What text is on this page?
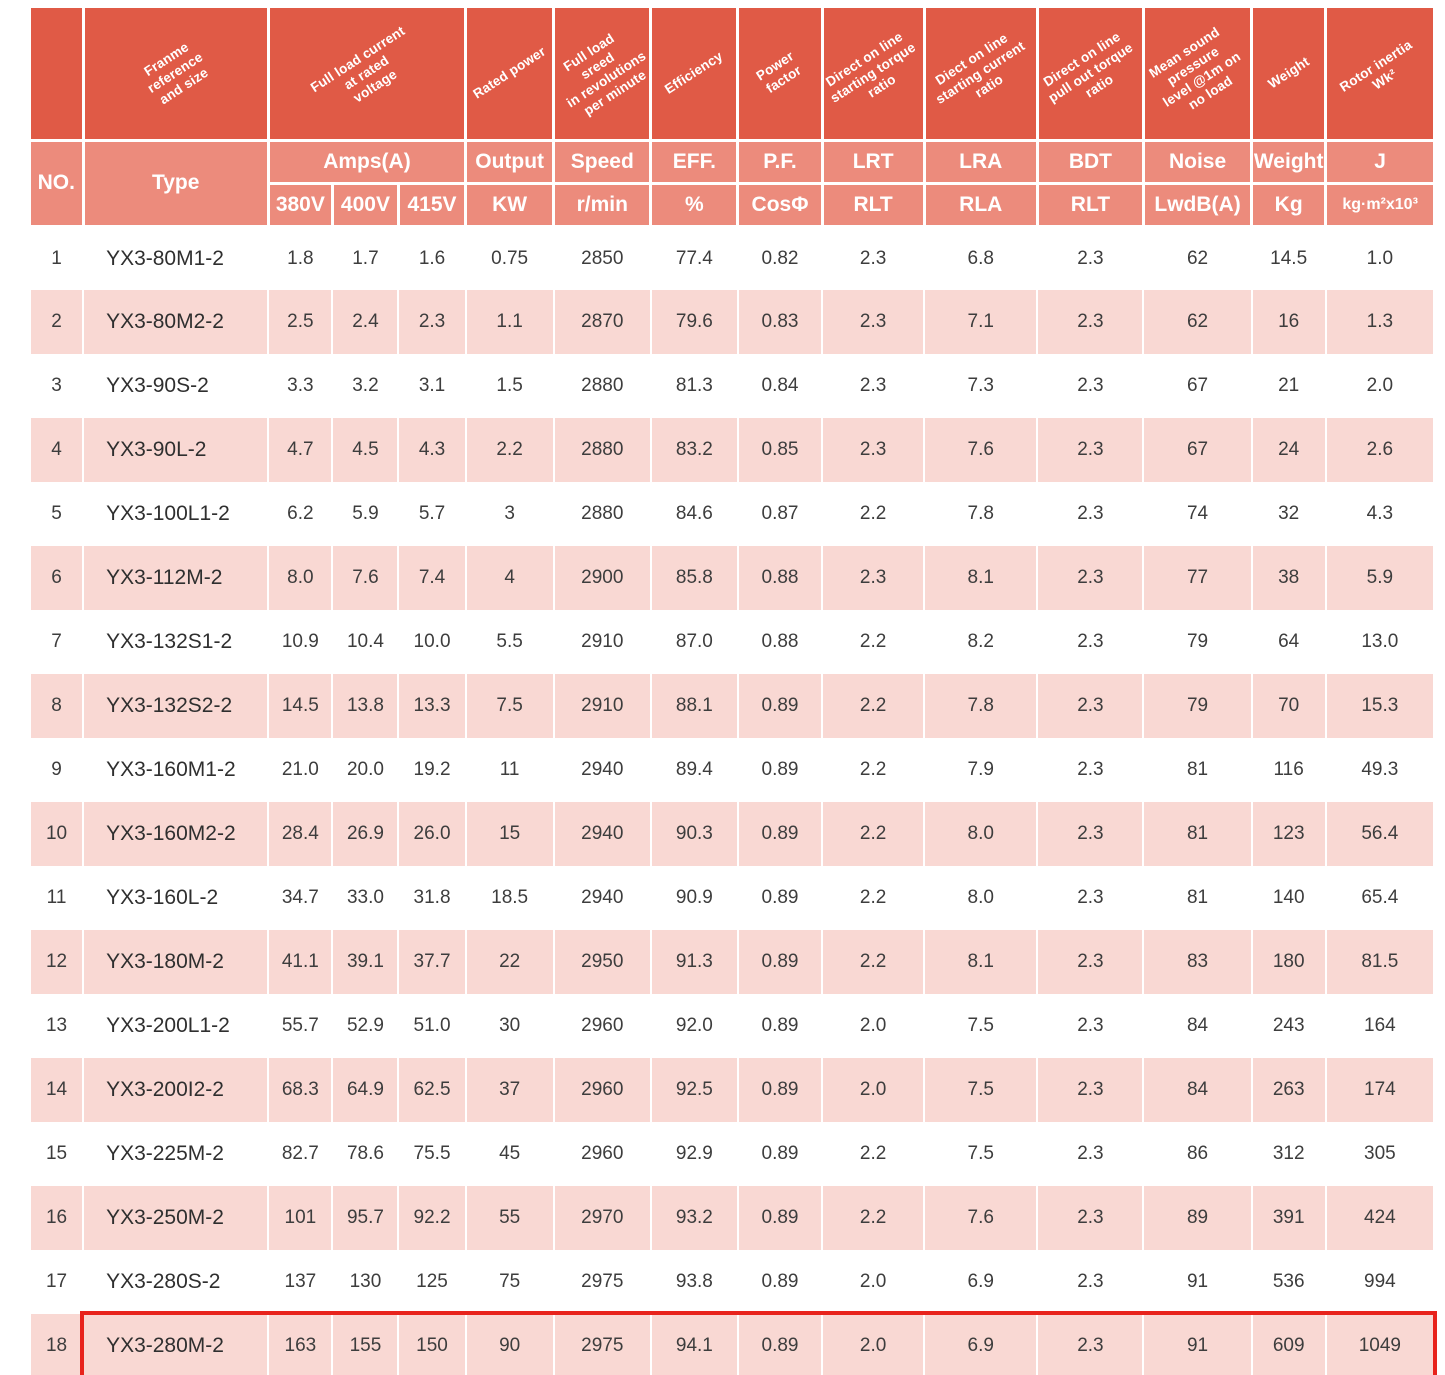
	Franme
reference
and size	Full load current
at rated
voltage			Rated power	Full load sreed
in revolutions
per minute	Efficiency	Power factor	Direct on line
starting torque
ratio	Diect on line
starting current
ratio	Direct on line
pull out torque
ratio	Mean sound
pressure
level @1m on
no load	Weight	Rotor inertia
Wk²
NO.	Type	Amps(A)			Output	Speed	EFF.	P.F.	LRT	LRA	BDT	Noise	Weight	J
		380V	400V	415V	KW	r/min	%	CosΦ	RLT	RLA	RLT	LwdB(A)	Kg	kg·m²x10³
1	YX3-80M1-2	1.8	1.7	1.6	0.75	2850	77.4	0.82	2.3	6.8	2.3	62	14.5	1.0
2	YX3-80M2-2	2.5	2.4	2.3	1.1	2870	79.6	0.83	2.3	7.1	2.3	62	16	1.3
3	YX3-90S-2	3.3	3.2	3.1	1.5	2880	81.3	0.84	2.3	7.3	2.3	67	21	2.0
4	YX3-90L-2	4.7	4.5	4.3	2.2	2880	83.2	0.85	2.3	7.6	2.3	67	24	2.6
5	YX3-100L1-2	6.2	5.9	5.7	3	2880	84.6	0.87	2.2	7.8	2.3	74	32	4.3
6	YX3-112M-2	8.0	7.6	7.4	4	2900	85.8	0.88	2.3	8.1	2.3	77	38	5.9
7	YX3-132S1-2	10.9	10.4	10.0	5.5	2910	87.0	0.88	2.2	8.2	2.3	79	64	13.0
8	YX3-132S2-2	14.5	13.8	13.3	7.5	2910	88.1	0.89	2.2	7.8	2.3	79	70	15.3
9	YX3-160M1-2	21.0	20.0	19.2	11	2940	89.4	0.89	2.2	7.9	2.3	81	116	49.3
10	YX3-160M2-2	28.4	26.9	26.0	15	2940	90.3	0.89	2.2	8.0	2.3	81	123	56.4
11	YX3-160L-2	34.7	33.0	31.8	18.5	2940	90.9	0.89	2.2	8.0	2.3	81	140	65.4
12	YX3-180M-2	41.1	39.1	37.7	22	2950	91.3	0.89	2.2	8.1	2.3	83	180	81.5
13	YX3-200L1-2	55.7	52.9	51.0	30	2960	92.0	0.89	2.0	7.5	2.3	84	243	164
14	YX3-200I2-2	68.3	64.9	62.5	37	2960	92.5	0.89	2.0	7.5	2.3	84	263	174
15	YX3-225M-2	82.7	78.6	75.5	45	2960	92.9	0.89	2.2	7.5	2.3	86	312	305
16	YX3-250M-2	101	95.7	92.2	55	2970	93.2	0.89	2.2	7.6	2.3	89	391	424
17	YX3-280S-2	137	130	125	75	2975	93.8	0.89	2.0	6.9	2.3	91	536	994
18	YX3-280M-2	163	155	150	90	2975	94.1	0.89	2.0	6.9	2.3	91	609	1049
